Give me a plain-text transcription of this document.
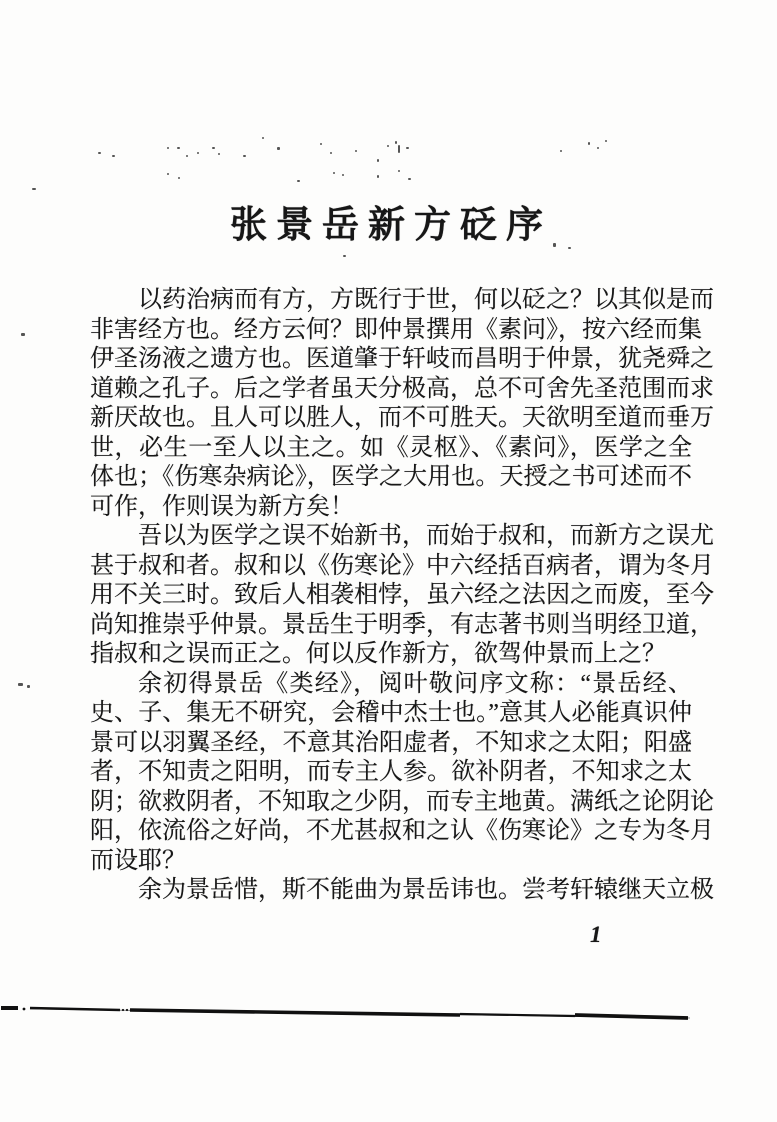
张景岳新方砭序
以药治病而有方，方既行于世，何以砭之？以其似是而
非害经方也。经方云何？即仲景撰用《素问》，按六经而集
伊圣汤液之遗方也。医道肇于轩岐而昌明于仲景，犹尧舜之
道赖之孔子。后之学者虽天分极高，总不可舍先圣范围而求
新厌故也。且人可以胜人，而不可胜天。天欲明至道而垂万
世，必生一至人以主之。如《灵枢》、《素问》，医学之全
体也；《伤寒杂病论》，医学之大用也。天授之书可述而不
可作，作则误为新方矣！
吾以为医学之误不始新书，而始于叔和，而新方之误尤
甚于叔和者。叔和以《伤寒论》中六经括百病者，谓为冬月
用不关三时。致后人相袭相悖，虽六经之法因之而废，至今
尚知推崇乎仲景。景岳生于明季，有志著书则当明经卫道，
指叔和之误而正之。何以反作新方，欲驾仲景而上之？
余初得景岳《类经》，阅叶敬问序文称：“景岳经、
史、子、集无不研究，会稽中杰士也。”意其人必能真识仲
景可以羽翼圣经，不意其治阳虚者，不知求之太阳；阳盛
者，不知责之阳明，而专主人参。欲补阴者，不知求之太
阴；欲救阴者，不知取之少阴，而专主地黄。满纸之论阴论
阳，依流俗之好尚，不尤甚叔和之认《伤寒论》之专为冬月
而设耶？
余为景岳惜，斯不能曲为景岳讳也。尝考轩辕继天立极
1
